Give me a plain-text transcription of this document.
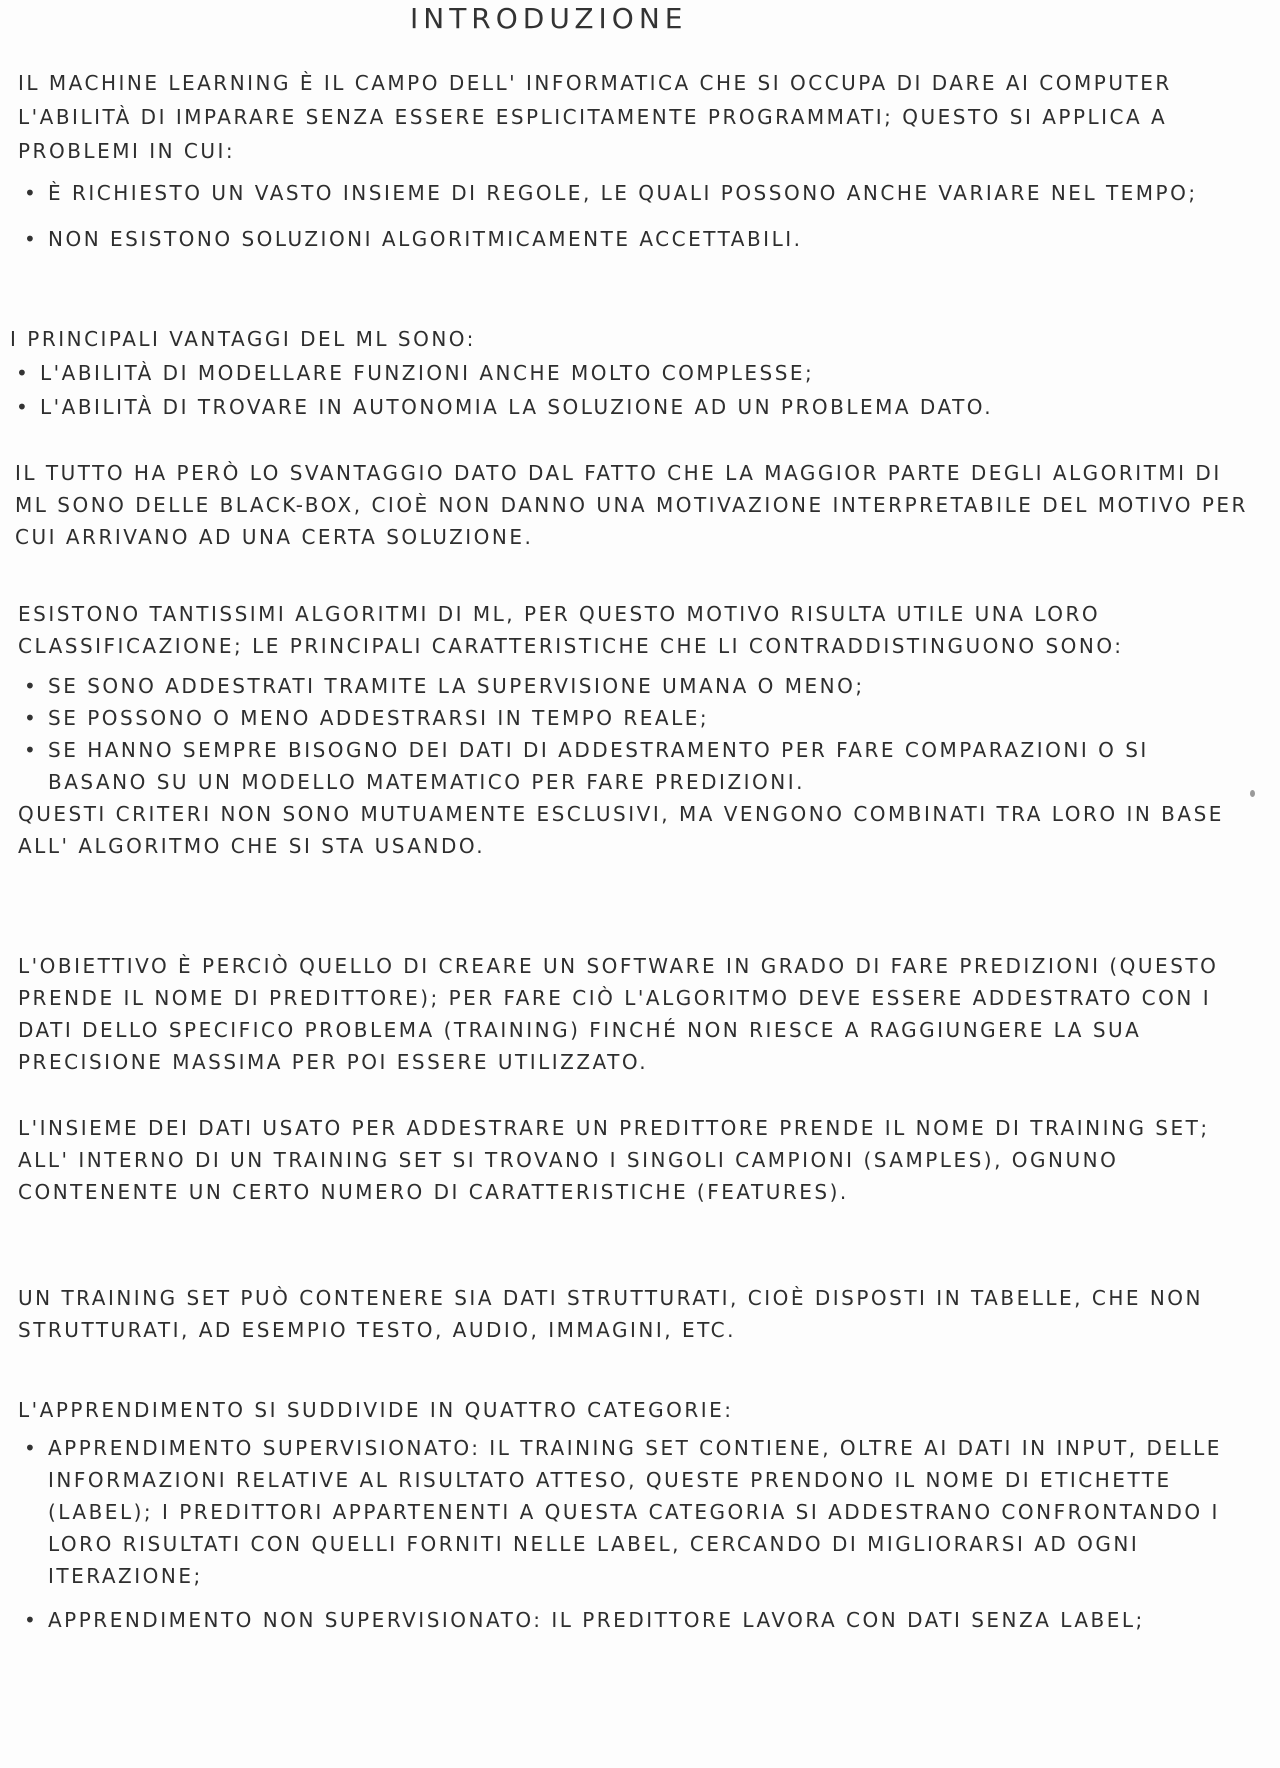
INTRODUZIONE

IL MACHINE LEARNING È IL CAMPO DELL' INFORMATICA CHE SI OCCUPA DI DARE AI COMPUTER L'ABILITÀ DI IMPARARE SENZA ESSERE ESPLICITAMENTE PROGRAMMATI; QUESTO SI APPLICA A PROBLEMI IN CUI:

• È RICHIESTO UN VASTO INSIEME DI REGOLE, LE QUALI POSSONO ANCHE VARIARE NEL TEMPO;
• NON ESISTONO SOLUZIONI ALGORITMICAMENTE ACCETTABILI.

I PRINCIPALI VANTAGGI DEL ML SONO:

• L'ABILITÀ DI MODELLARE FUNZIONI ANCHE MOLTO COMPLESSE;
• L'ABILITÀ DI TROVARE IN AUTONOMIA LA SOLUZIONE AD UN PROBLEMA DATO.

IL TUTTO HA PERÒ LO SVANTAGGIO DATO DAL FATTO CHE LA MAGGIOR PARTE DEGLI ALGORITMI DI ML SONO DELLE BLACK-BOX, CIOÈ NON DANNO UNA MOTIVAZIONE INTERPRETABILE DEL MOTIVO PER CUI ARRIVANO AD UNA CERTA SOLUZIONE.

ESISTONO TANTISSIMI ALGORITMI DI ML, PER QUESTO MOTIVO RISULTA UTILE UNA LORO CLASSIFICAZIONE; LE PRINCIPALI CARATTERISTICHE CHE LI CONTRADDISTINGUONO SONO:

• SE SONO ADDESTRATI TRAMITE LA SUPERVISIONE UMANA O MENO;
• SE POSSONO O MENO ADDESTRARSI IN TEMPO REALE;
• SE HANNO SEMPRE BISOGNO DEI DATI DI ADDESTRAMENTO PER FARE COMPARAZIONI O SI BASANO SU UN MODELLO MATEMATICO PER FARE PREDIZIONI.

QUESTI CRITERI NON SONO MUTUAMENTE ESCLUSIVI, MA VENGONO COMBINATI TRA LORO IN BASE ALL' ALGORITMO CHE SI STA USANDO.

L'OBIETTIVO È PERCIÒ QUELLO DI CREARE UN SOFTWARE IN GRADO DI FARE PREDIZIONI (QUESTO PRENDE IL NOME DI PREDITTORE); PER FARE CIÒ L'ALGORITMO DEVE ESSERE ADDESTRATO CON I DATI DELLO SPECIFICO PROBLEMA (TRAINING) FINCHÉ NON RIESCE A RAGGIUNGERE LA SUA PRECISIONE MASSIMA PER POI ESSERE UTILIZZATO.

L'INSIEME DEI DATI USATO PER ADDESTRARE UN PREDITTORE PRENDE IL NOME DI TRAINING SET; ALL' INTERNO DI UN TRAINING SET SI TROVANO I SINGOLI CAMPIONI (SAMPLES), OGNUNO CONTENENTE UN CERTO NUMERO DI CARATTERISTICHE (FEATURES).

UN TRAINING SET PUÒ CONTENERE SIA DATI STRUTTURATI, CIOÈ DISPOSTI IN TABELLE, CHE NON STRUTTURATI, AD ESEMPIO TESTO, AUDIO, IMMAGINI, ETC.

L'APPRENDIMENTO SI SUDDIVIDE IN QUATTRO CATEGORIE:

• APPRENDIMENTO SUPERVISIONATO: IL TRAINING SET CONTIENE, OLTRE AI DATI IN INPUT, DELLE INFORMAZIONI RELATIVE AL RISULTATO ATTESO, QUESTE PRENDONO IL NOME DI ETICHETTE (LABEL); I PREDITTORI APPARTENENTI A QUESTA CATEGORIA SI ADDESTRANO CONFRONTANDO I LORO RISULTATI CON QUELLI FORNITI NELLE LABEL, CERCANDO DI MIGLIORARSI AD OGNI ITERAZIONE;
• APPRENDIMENTO NON SUPERVISIONATO: IL PREDITTORE LAVORA CON DATI SENZA LABEL;
